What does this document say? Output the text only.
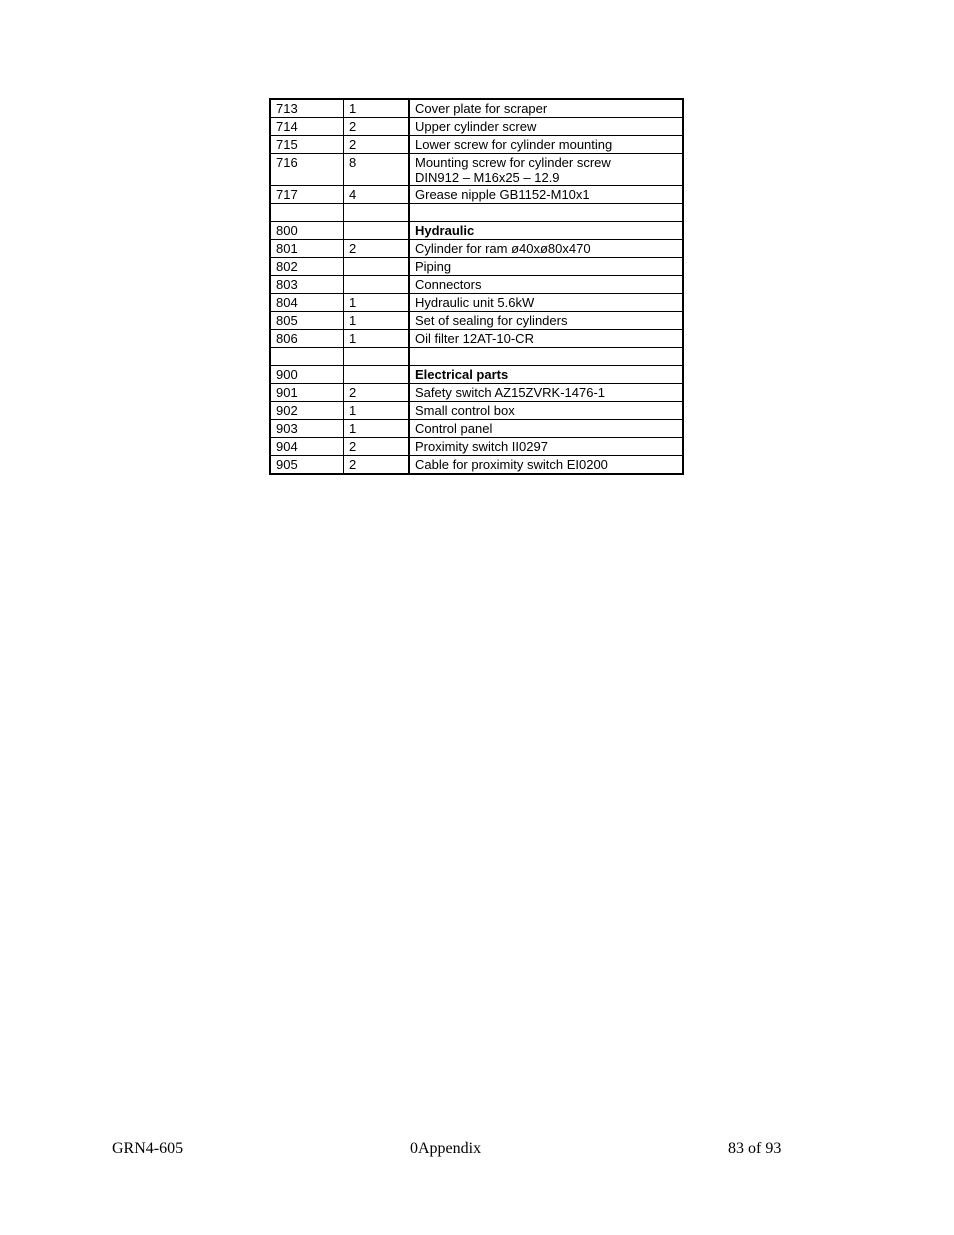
713	1	Cover plate for scraper
714	2	Upper cylinder screw
715	2	Lower screw for cylinder mounting
716	8	Mounting screw for cylinder screw
DIN912 – M16x25 – 12.9

717	4	Grease nipple GB1152-M10x1

800		Hydraulic
801	2	Cylinder for ram ø40xø80x470
802		Piping
803		Connectors
804	1	Hydraulic unit 5.6kW
805	1	Set of sealing for cylinders
806	1	Oil filter 12AT-10-CR

900		Electrical parts
901	2	Safety switch AZ15ZVRK-1476-1
902	1	Small control box
903	1	Control panel
904	2	Proximity switch II0297
905	2	Cable for proximity switch EI0200
GRN4-605	0Appendix	83 of 93
